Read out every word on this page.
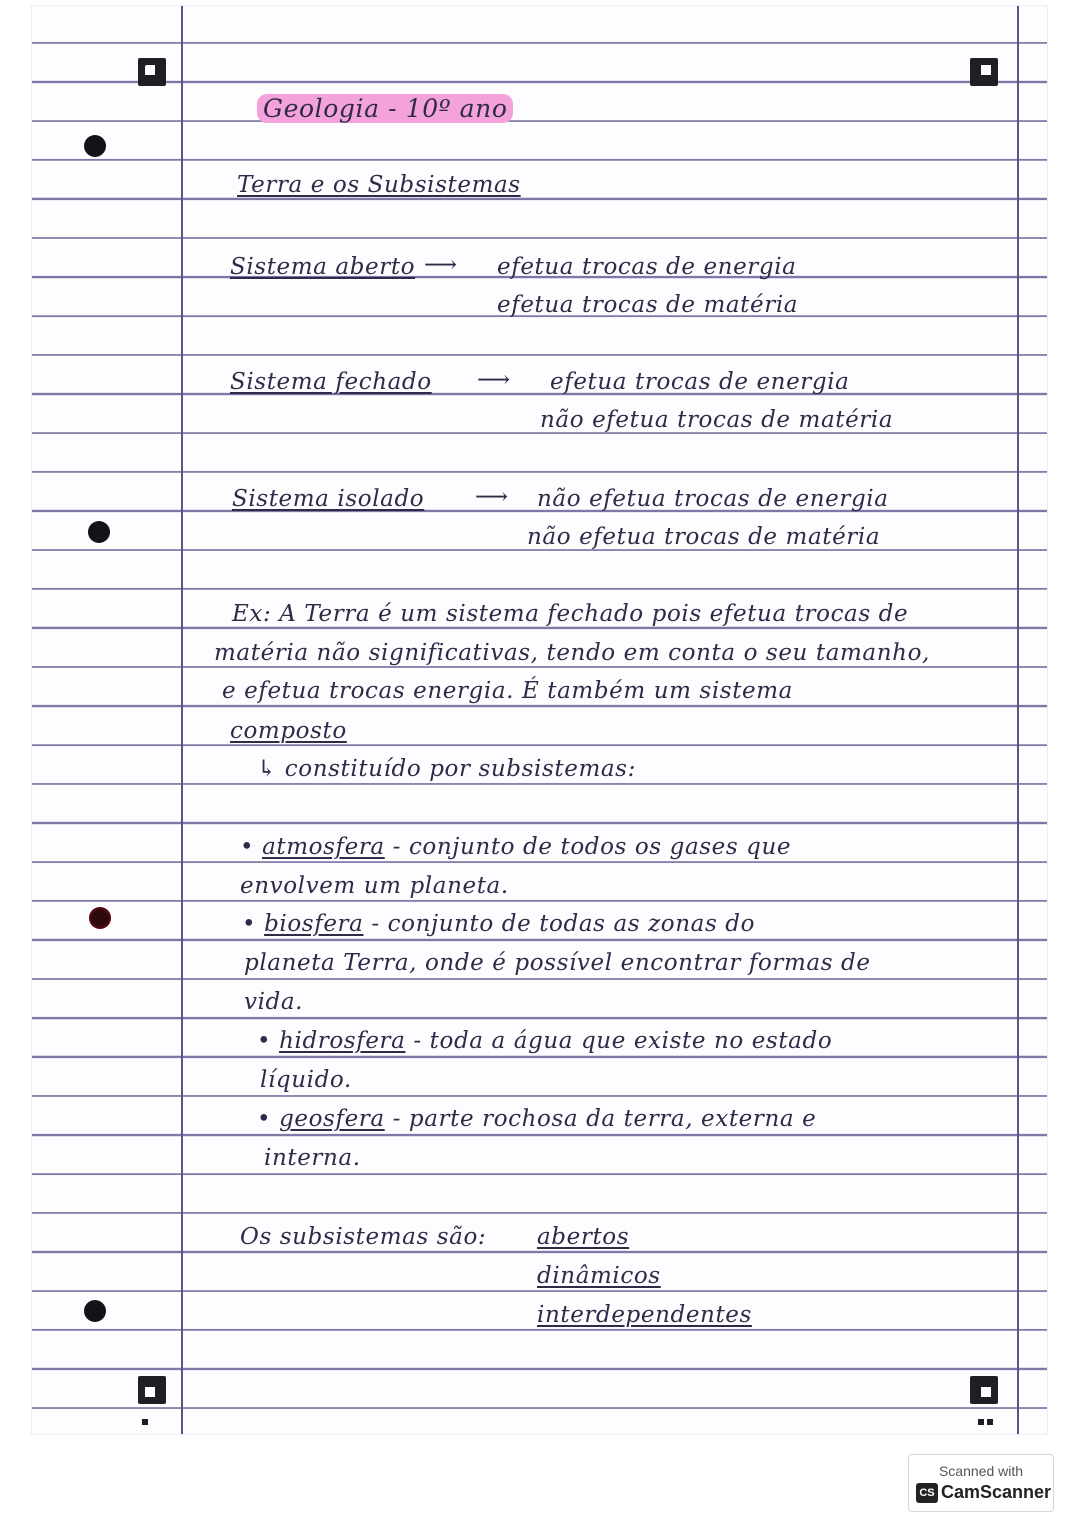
Geologia - 10º ano
Terra e os Subsistemas
Sistema aberto ⟶ efetua trocas de energia
efetua trocas de matéria
Sistema fechado ⟶ efetua trocas de energia
não efetua trocas de matéria
Sistema isolado ⟶ não efetua trocas de energia
não efetua trocas de matéria
Ex: A Terra é um sistema fechado pois efetua trocas de
matéria não significativas, tendo em conta o seu tamanho,
e efetua trocas energia. É também um sistema
composto
↳ constituído por subsistemas:
• atmosfera - conjunto de todos os gases que
envolvem um planeta.
• biosfera - conjunto de todas as zonas do
planeta Terra, onde é possível encontrar formas de
vida.
• hidrosfera - toda a água que existe no estado
líquido.
• geosfera - parte rochosa da terra, externa e
interna.
Os subsistemas são: abertos
dinâmicos
interdependentes
Scanned with
CS CamScanner
